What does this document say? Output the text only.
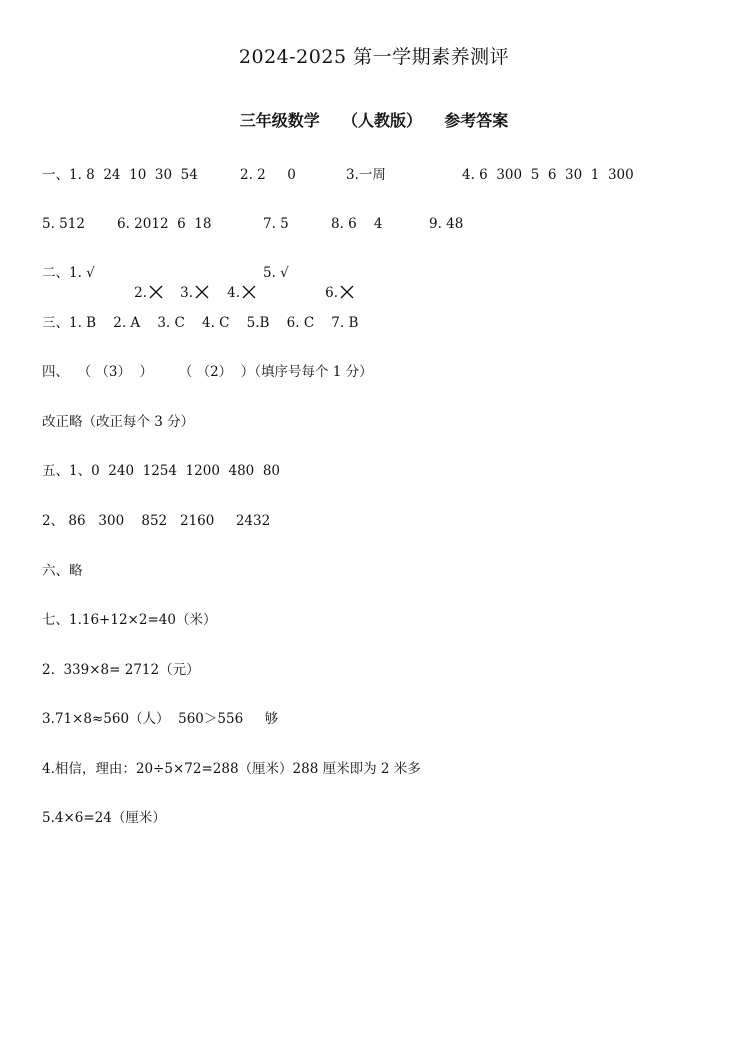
2024-2025 第一学期素养测评
三年级数学    （人教版）    参考答案

一、1. 8  24  10  30  54

	2. 2     0

	3.一周

	4. 6  300  5  6  30  1  300

5. 512

6. 2012  6  18

	7. 5

	8. 6    4

	9. 48

二、1. √

2.

	3.

	4.

5. √

6.

三、1. B    2. A    3. C    4. C    5.B    6. C    7. B
四、  （ （3）  ）      （ （2）  ）（填序号每个 1 分）
改正略（改正每个 3 分）
五、1、0  240  1254  1200  480  80
2、 86   300    852   2160     2432
六、略
七、1.16+12×2=40（米）
2.  339×8= 2712（元）
3.71×8≈560（人）  560＞556     够
4.相信，理由：20÷5×72=288（厘米）288 厘米即为 2 米多
5.4×6=24（厘米）
